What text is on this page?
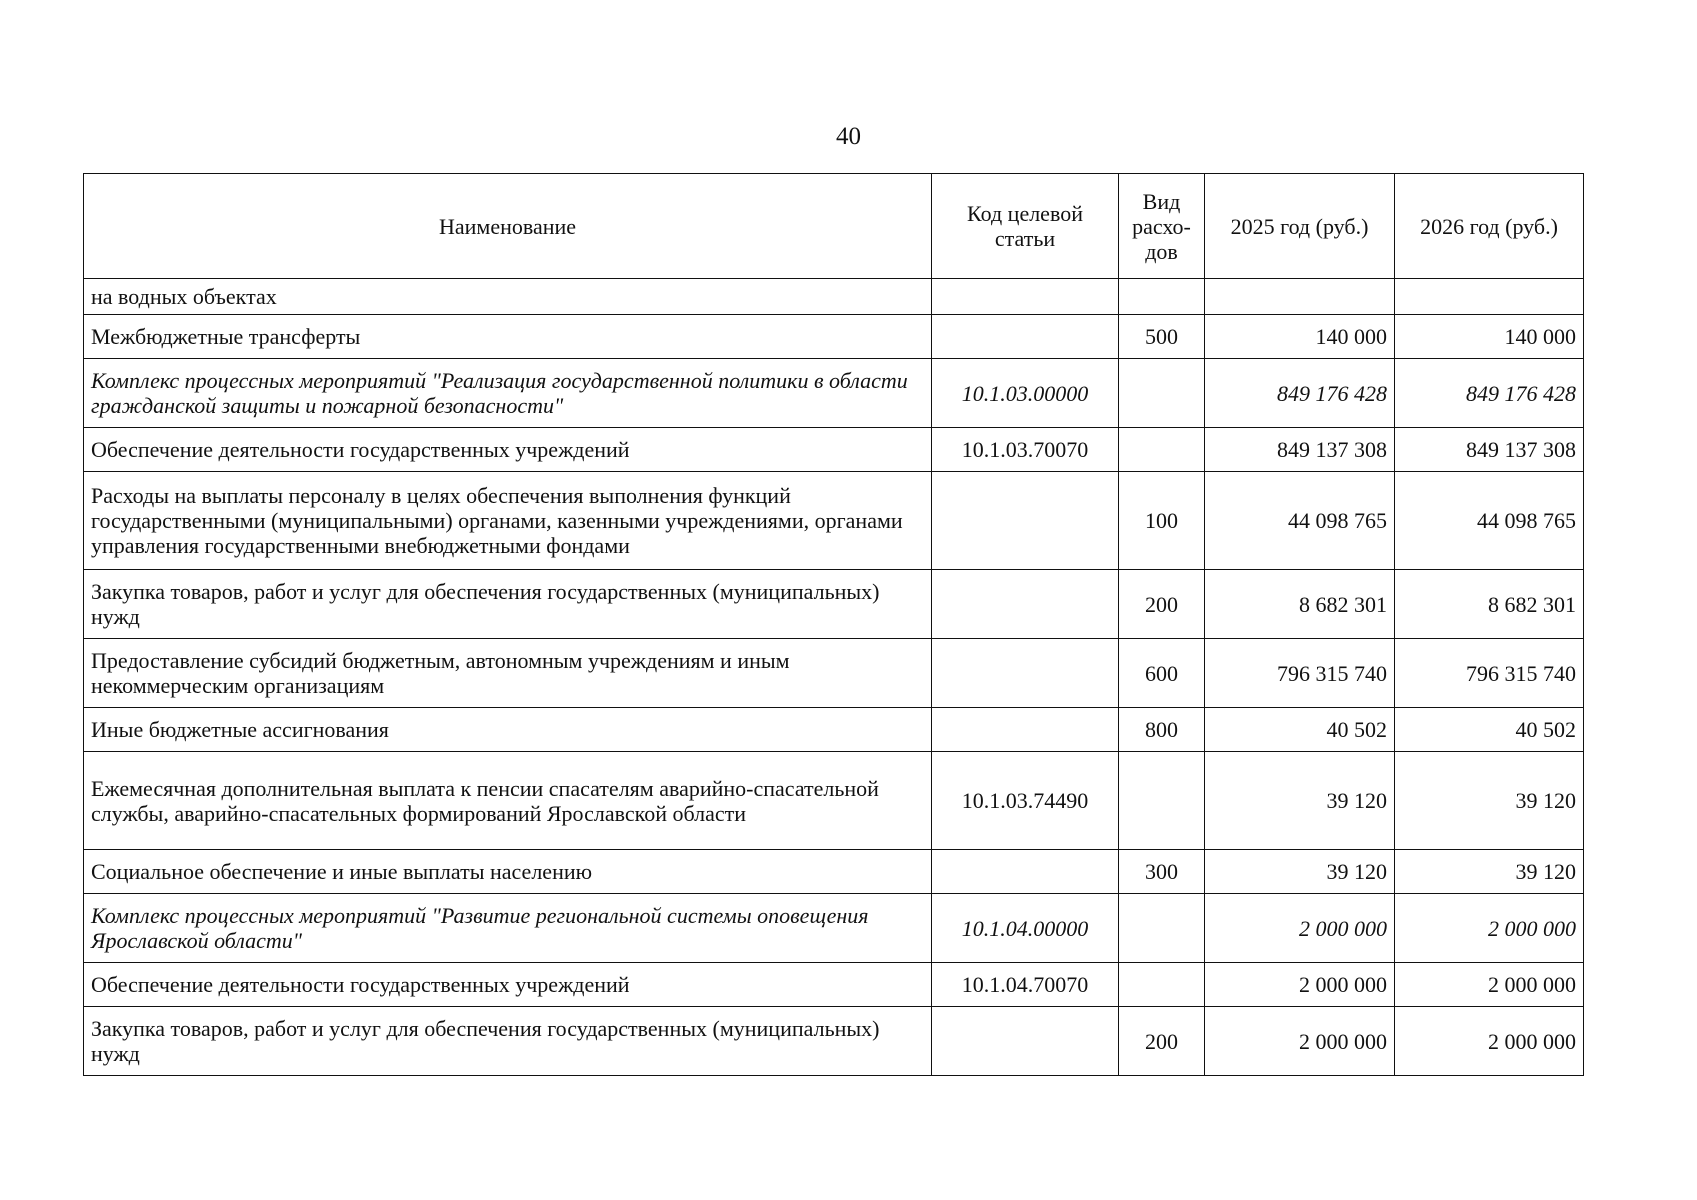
40
Наименование	Код целевой статьи	Вид расхо-дов	2025 год (руб.)	2026 год (руб.)
на водных объектах				
Межбюджетные трансферты		500	140 000	140 000
Комплекс процессных мероприятий "Реализация государственной политики в области гражданской защиты и пожарной безопасности"	10.1.03.00000		849 176 428	849 176 428
Обеспечение деятельности государственных учреждений	10.1.03.70070		849 137 308	849 137 308
Расходы на выплаты персоналу в целях обеспечения выполнения функций государственными (муниципальными) органами, казенными учреждениями, органами управления государственными внебюджетными фондами		100	44 098 765	44 098 765
Закупка товаров, работ и услуг для обеспечения государственных (муниципальных) нужд		200	8 682 301	8 682 301
Предоставление субсидий бюджетным, автономным учреждениям и иным некоммерческим организациям		600	796 315 740	796 315 740
Иные бюджетные ассигнования		800	40 502	40 502
Ежемесячная дополнительная выплата к пенсии спасателям аварийно-спасательной службы, аварийно-спасательных формирований Ярославской области	10.1.03.74490		39 120	39 120
Социальное обеспечение и иные выплаты населению		300	39 120	39 120
Комплекс процессных мероприятий "Развитие региональной системы оповещения Ярославской области"	10.1.04.00000		2 000 000	2 000 000
Обеспечение деятельности государственных учреждений	10.1.04.70070		2 000 000	2 000 000
Закупка товаров, работ и услуг для обеспечения государственных (муниципальных) нужд		200	2 000 000	2 000 000
